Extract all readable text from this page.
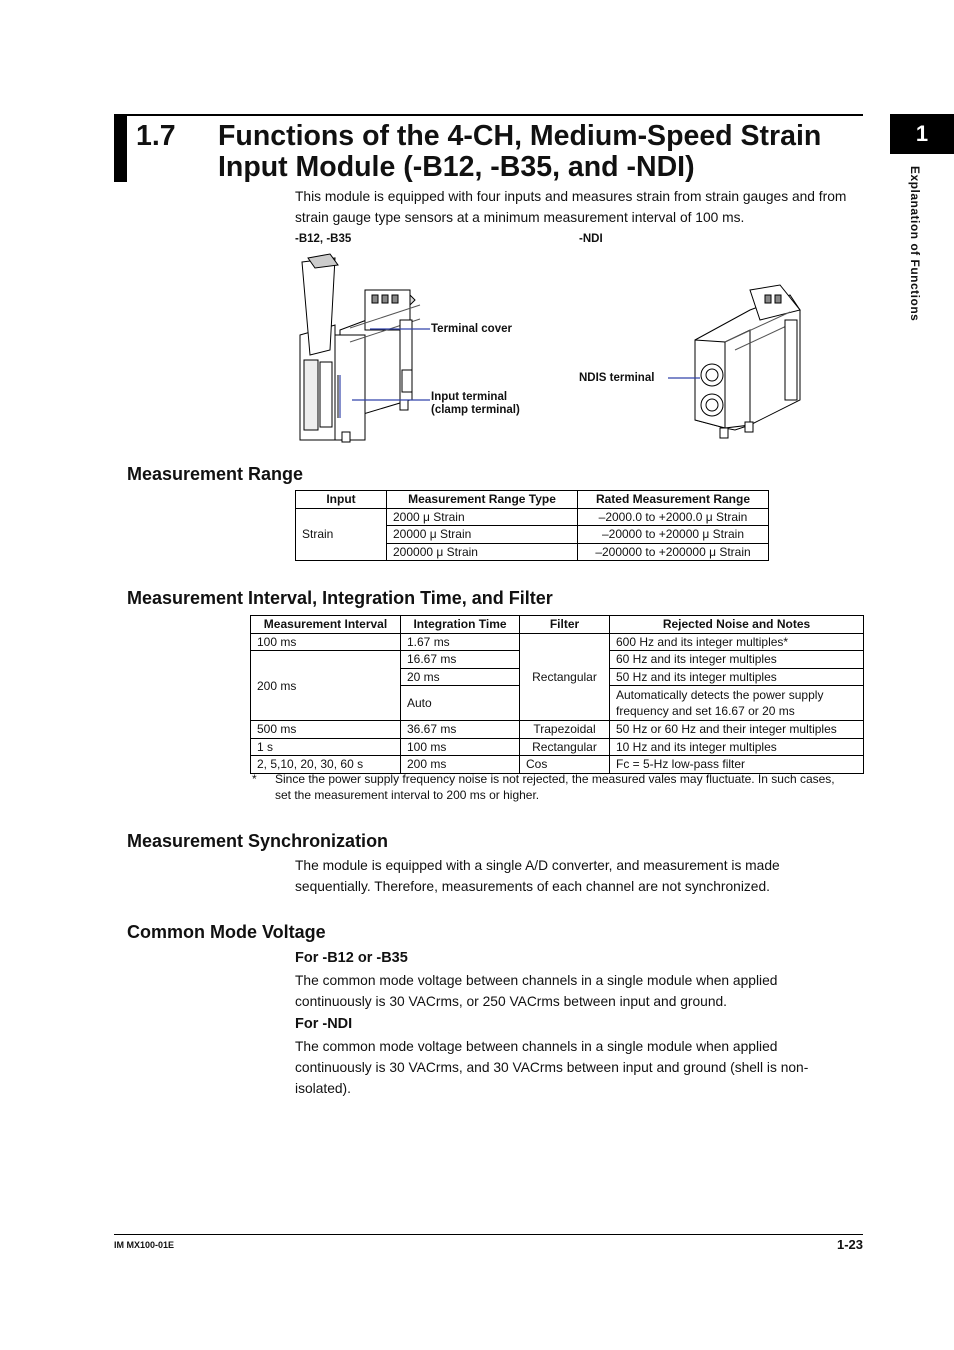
1.7 Functions of the 4-CH, Medium-Speed Strain
Input Module (-B12, -B35, and -NDI)
1
Explanation of Functions
This module is equipped with four inputs and measures strain from strain gauges and from strain gauge type sensors at a minimum measurement interval of 100 ms.
-B12, -B35	-NDI
Terminal cover
Input terminal
(clamp terminal)
NDIS terminal
Measurement Range
Input	Measurement Range Type	Rated Measurement Range
Strain	2000 μ Strain	–2000.0 to +2000.0 μ Strain
	20000 μ Strain	–20000 to +20000 μ Strain
	200000 μ Strain	–200000 to +200000 μ Strain
Measurement Interval, Integration Time, and Filter
Measurement Interval	Integration Time	Filter	Rejected Noise and Notes
100 ms	1.67 ms	Rectangular	600 Hz and its integer multiples*
200 ms	16.67 ms		60 Hz and its integer multiples
	20 ms		50 Hz and its integer multiples
	Auto		Automatically detects the power supply frequency and set 16.67 or 20 ms
500 ms	36.67 ms	Trapezoidal	50 Hz or 60 Hz and their integer multiples
1 s	100 ms	Rectangular	10 Hz and its integer multiples
2, 5,10, 20, 30, 60 s	200 ms	Cos	Fc = 5-Hz low-pass filter
* Since the power supply frequency noise is not rejected, the measured vales may fluctuate. In such cases, set the measurement interval to 200 ms or higher.
Measurement Synchronization
The module is equipped with a single A/D converter, and measurement is made sequentially. Therefore, measurements of each channel are not synchronized.
Common Mode Voltage
For -B12 or -B35
The common mode voltage between channels in a single module when applied continuously is 30 VACrms, or 250 VACrms between input and ground.
For -NDI
The common mode voltage between channels in a single module when applied continuously is 30 VACrms, and 30 VACrms between input and ground (shell is non-isolated).
IM MX100-01E	1-23
